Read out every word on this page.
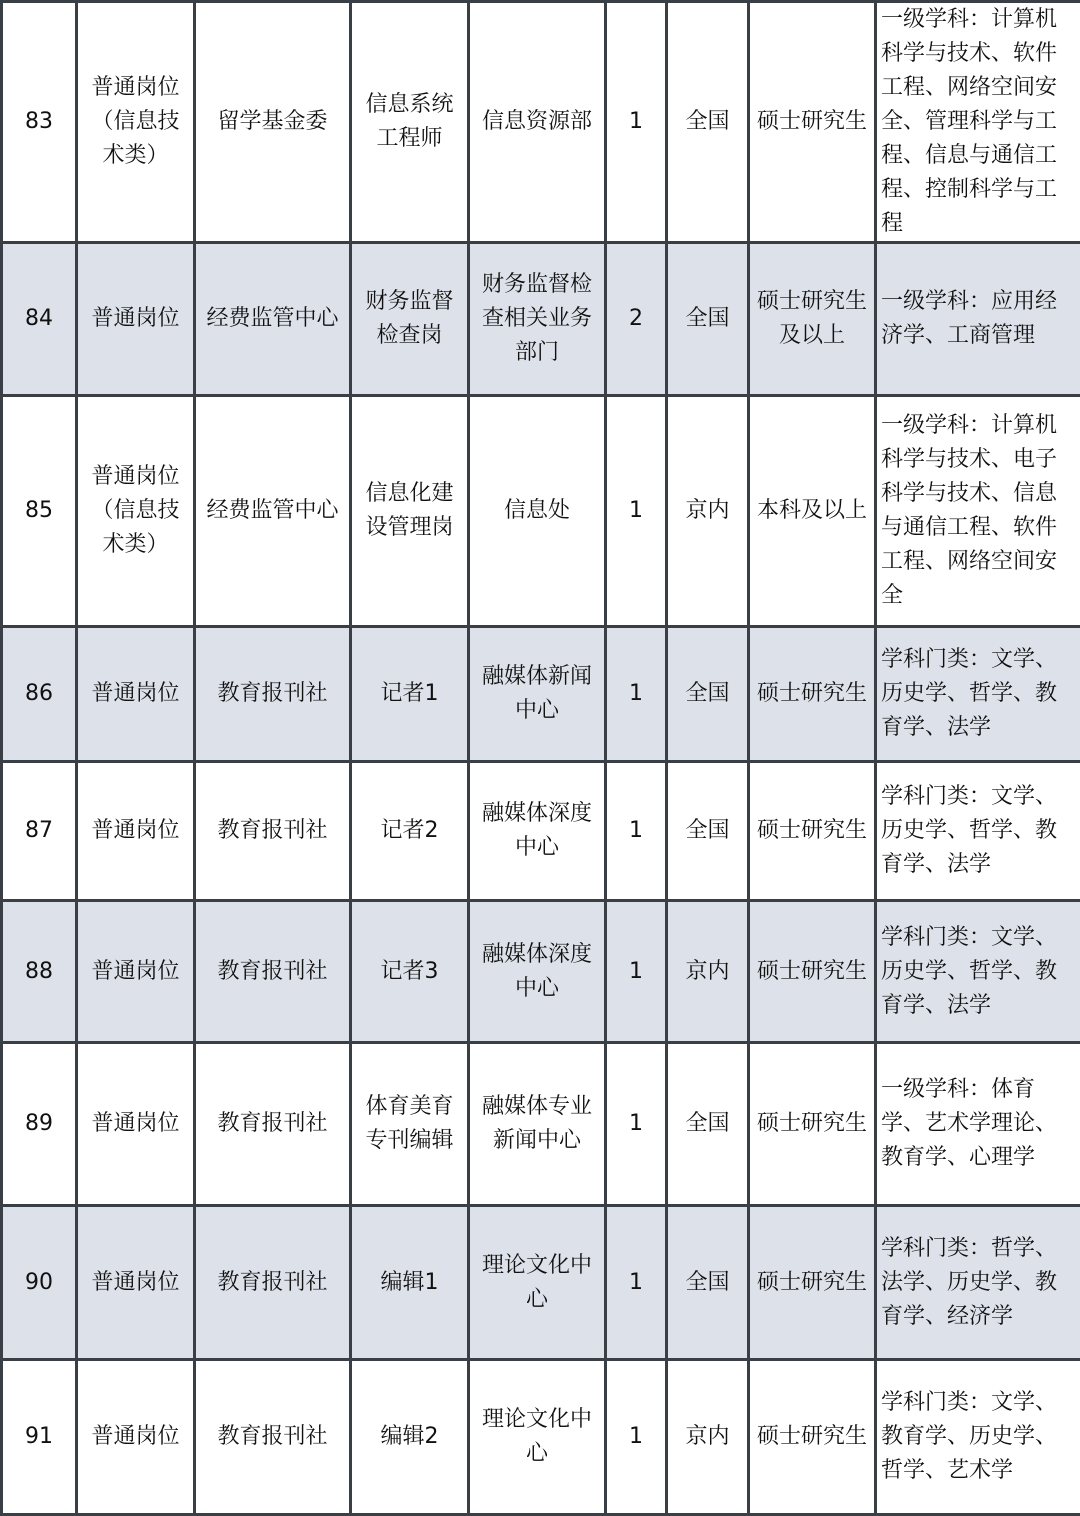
83	普通岗位（信息技术类）	留学基金委	信息系统工程师	信息资源部	1	全国	硕士研究生	一级学科：计算机科学与技术、软件工程、网络空间安全、管理科学与工程、信息与通信工程、控制科学与工程
84	普通岗位	经费监管中心	财务监督检查岗	财务监督检查相关业务部门	2	全国	硕士研究生及以上	一级学科：应用经济学、工商管理
85	普通岗位（信息技术类）	经费监管中心	信息化建设管理岗	信息处	1	京内	本科及以上	一级学科：计算机科学与技术、电子科学与技术、信息与通信工程、软件工程、网络空间安全
86	普通岗位	教育报刊社	记者1	融媒体新闻中心	1	全国	硕士研究生	学科门类：文学、历史学、哲学、教育学、法学
87	普通岗位	教育报刊社	记者2	融媒体深度中心	1	全国	硕士研究生	学科门类：文学、历史学、哲学、教育学、法学
88	普通岗位	教育报刊社	记者3	融媒体深度中心	1	京内	硕士研究生	学科门类：文学、历史学、哲学、教育学、法学
89	普通岗位	教育报刊社	体育美育专刊编辑	融媒体专业新闻中心	1	全国	硕士研究生	一级学科：体育学、艺术学理论、教育学、心理学
90	普通岗位	教育报刊社	编辑1	理论文化中心	1	全国	硕士研究生	学科门类：哲学、法学、历史学、教育学、经济学
91	普通岗位	教育报刊社	编辑2	理论文化中心	1	京内	硕士研究生	学科门类：文学、教育学、历史学、哲学、艺术学
